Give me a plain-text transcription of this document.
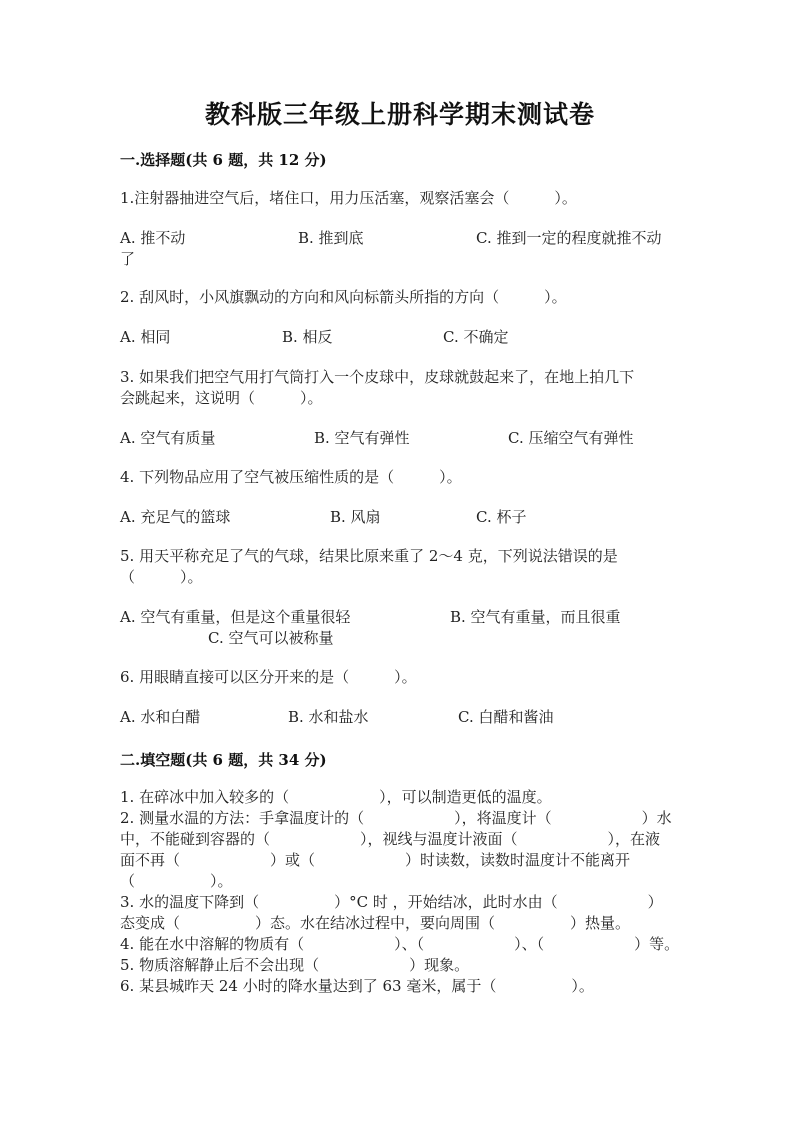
教科版三年级上册科学期末测试卷
一.选择题(共 6 题，共 12 分)
1.注射器抽进空气后，堵住口，用力压活塞，观察活塞会（　　　）。
A. 推不动	B. 推到底	C. 推到一定的程度就推不动
了
2. 刮风时，小风旗飘动的方向和风向标箭头所指的方向（　　　）。
A. 相同	B. 相反	C. 不确定
3. 如果我们把空气用打气筒打入一个皮球中，皮球就鼓起来了，在地上拍几下
会跳起来，这说明（　　　）。
A. 空气有质量	B. 空气有弹性	C. 压缩空气有弹性
4. 下列物品应用了空气被压缩性质的是（　　　）。
A. 充足气的篮球	B. 风扇	C. 杯子
5. 用天平称充足了气的气球，结果比原来重了 2～4 克，下列说法错误的是
（　　　）。
A. 空气有重量，但是这个重量很轻	B. 空气有重量，而且很重
C. 空气可以被称量
6. 用眼睛直接可以区分开来的是（　　　）。
A. 水和白醋	B. 水和盐水	C. 白醋和酱油
二.填空题(共 6 题，共 34 分)
1. 在碎冰中加入较多的（　　　　　　），可以制造更低的温度。
2. 测量水温的方法：手拿温度计的（　　　　　　），将温度计（　　　　　　）水
中，不能碰到容器的（　　　　　　），视线与温度计液面（　　　　　　），在液
面不再（　　　　　　）或（　　　　　　）时读数，读数时温度计不能离开
（　　　　　）。
3. 水的温度下降到（　　　　　）°C 时 ，开始结冰，此时水由（　　　　　　）
态变成（　　　　　）态。水在结冰过程中，要向周围（　　　　　）热量。
4. 能在水中溶解的物质有（　　　　　　）、（　　　　　　）、（　　　　　　）等。
5. 物质溶解静止后不会出现（　　　　　　）现象。
6. 某县城昨天 24 小时的降水量达到了 63 毫米，属于（　　　　　）。
